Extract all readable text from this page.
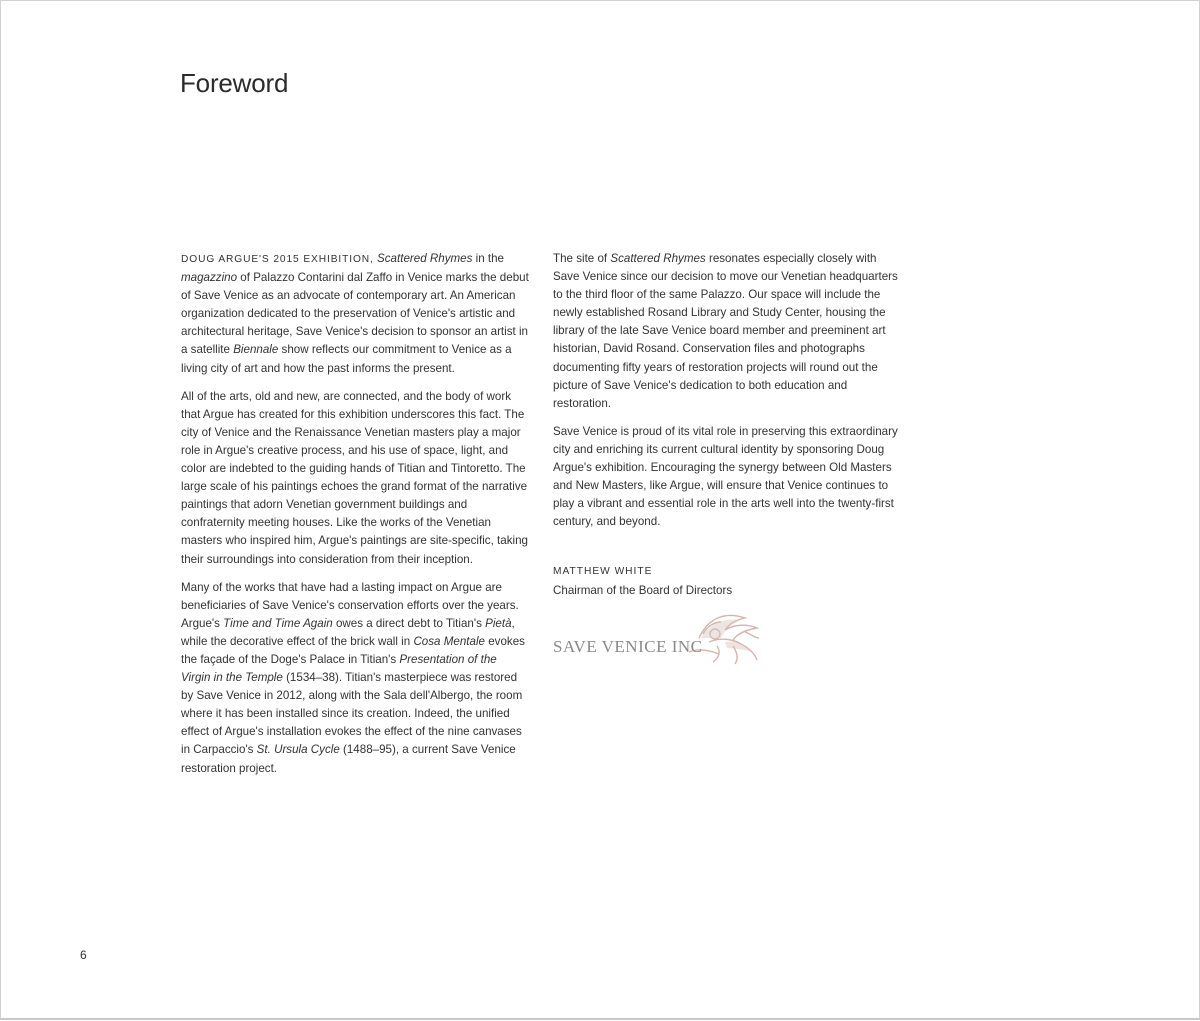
Foreword

DOUG ARGUE'S 2015 EXHIBITION, Scattered Rhymes in the magazzino of Palazzo Contarini dal Zaffo in Venice marks the debut of Save Venice as an advocate of contemporary art. An American organization dedicated to the preservation of Venice's artistic and architectural heritage, Save Venice's decision to sponsor an artist in a satellite Biennale show reflects our commitment to Venice as a living city of art and how the past informs the present.

All of the arts, old and new, are connected, and the body of work that Argue has created for this exhibition underscores this fact. The city of Venice and the Renaissance Venetian masters play a major role in Argue's creative process, and his use of space, light, and color are indebted to the guiding hands of Titian and Tintoretto. The large scale of his paintings echoes the grand format of the narrative paintings that adorn Venetian government buildings and confraternity meeting houses. Like the works of the Venetian masters who inspired him, Argue's paintings are site-specific, taking their surroundings into consideration from their inception.

Many of the works that have had a lasting impact on Argue are beneficiaries of Save Venice's conservation efforts over the years. Argue's Time and Time Again owes a direct debt to Titian's Pietà, while the decorative effect of the brick wall in Cosa Mentale evokes the façade of the Doge's Palace in Titian's Presentation of the Virgin in the Temple (1534–38). Titian's masterpiece was restored by Save Venice in 2012, along with the Sala dell'Albergo, the room where it has been installed since its creation. Indeed, the unified effect of Argue's installation evokes the effect of the nine canvases in Carpaccio's St. Ursula Cycle (1488–95), a current Save Venice restoration project.

The site of Scattered Rhymes resonates especially closely with Save Venice since our decision to move our Venetian headquarters to the third floor of the same Palazzo. Our space will include the newly established Rosand Library and Study Center, housing the library of the late Save Venice board member and preeminent art historian, David Rosand. Conservation files and photographs documenting fifty years of restoration projects will round out the picture of Save Venice's dedication to both education and restoration.

Save Venice is proud of its vital role in preserving this extraordinary city and enriching its current cultural identity by sponsoring Doug Argue's exhibition. Encouraging the synergy between Old Masters and New Masters, like Argue, will ensure that Venice continues to play a vibrant and essential role in the arts well into the twenty-first century, and beyond.

MATTHEW WHITE
Chairman of the Board of Directors
SAVE VENICE INC
6
